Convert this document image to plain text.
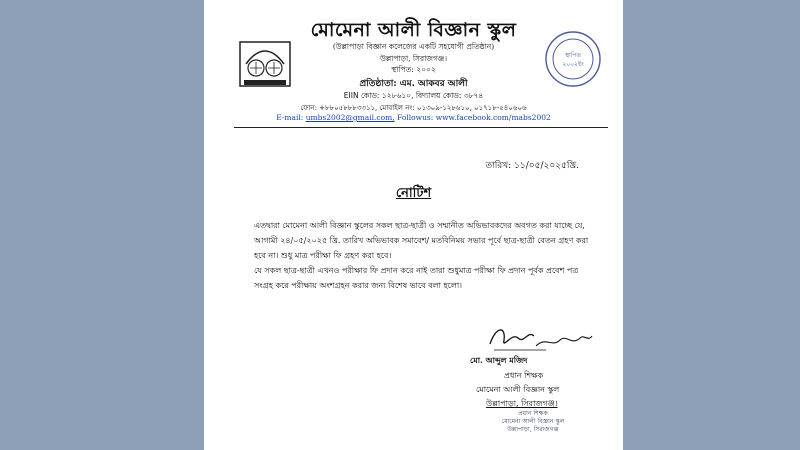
স্থাপিত
২০০২ইং
মোমেনা আলী বিজ্ঞান স্কুল
(উল্লাপাড়া বিজ্ঞান কলেজের একটি সহযোগী প্রতিষ্ঠান)
উল্লাপাড়া, সিরাজগঞ্জ।
স্থাপিত: ২০০২
প্রতিষ্ঠাতা: এম. আকবর আলী
EIIN কোড: ১২৮৬১০, বিদ্যালয় কোড: ৩৮৭৪
ফোন: +৮৮০৫৮৮৮৩৩১১, মোবাইল নং: ০১৩০৯-১২৮৬১০, ০১৭১৮-৫৪০৬০৬
E-mail: umbs2002@gmail.com, Followus: www.facebook.com/mabs2002
তারিখ: ১১/০৫/২০২৫খ্রি.
নোটিশ

এতদ্বারা মোমেনা আলী বিজ্ঞান স্কুলের সকল ছাত্র-ছাত্রী ও সম্মানীত অভিভাবকদের অবগত করা যাচ্ছে যে, আগামী ২৪/০৫/২০২৫ খ্রি. তারিখ অভিভাবক সমাবেশ/ মতবিনিময় সভার পূর্বে ছাত্র-ছাত্রী বেতন গ্রহণ করা হবে না। শুধু মাত্র পরীক্ষা ফি গ্রহণ করা হবে।

যে সকল ছাত্র-ছাত্রী এখনও পরীক্ষার ফি প্রদান করে নাই তারা শুধুমাত্র পরীক্ষা ফি প্রদান পূর্বক প্রবেশ পত্র সংগ্রহ করে পরীক্ষায় অংশগ্রহন করার জন্য বিশেষ ভাবে বলা হলো।

মো. আব্দুল মজিদ
প্রধান শিক্ষক
মোমেনা আলী বিজ্ঞান স্কুল
উল্লাপাড়া, সিরাজগঞ্জ।
প্রধান শিক্ষক
মোমেনা আলী বিজ্ঞান স্কুল
উল্লাপাড়া, সিরাজগঞ্জ
